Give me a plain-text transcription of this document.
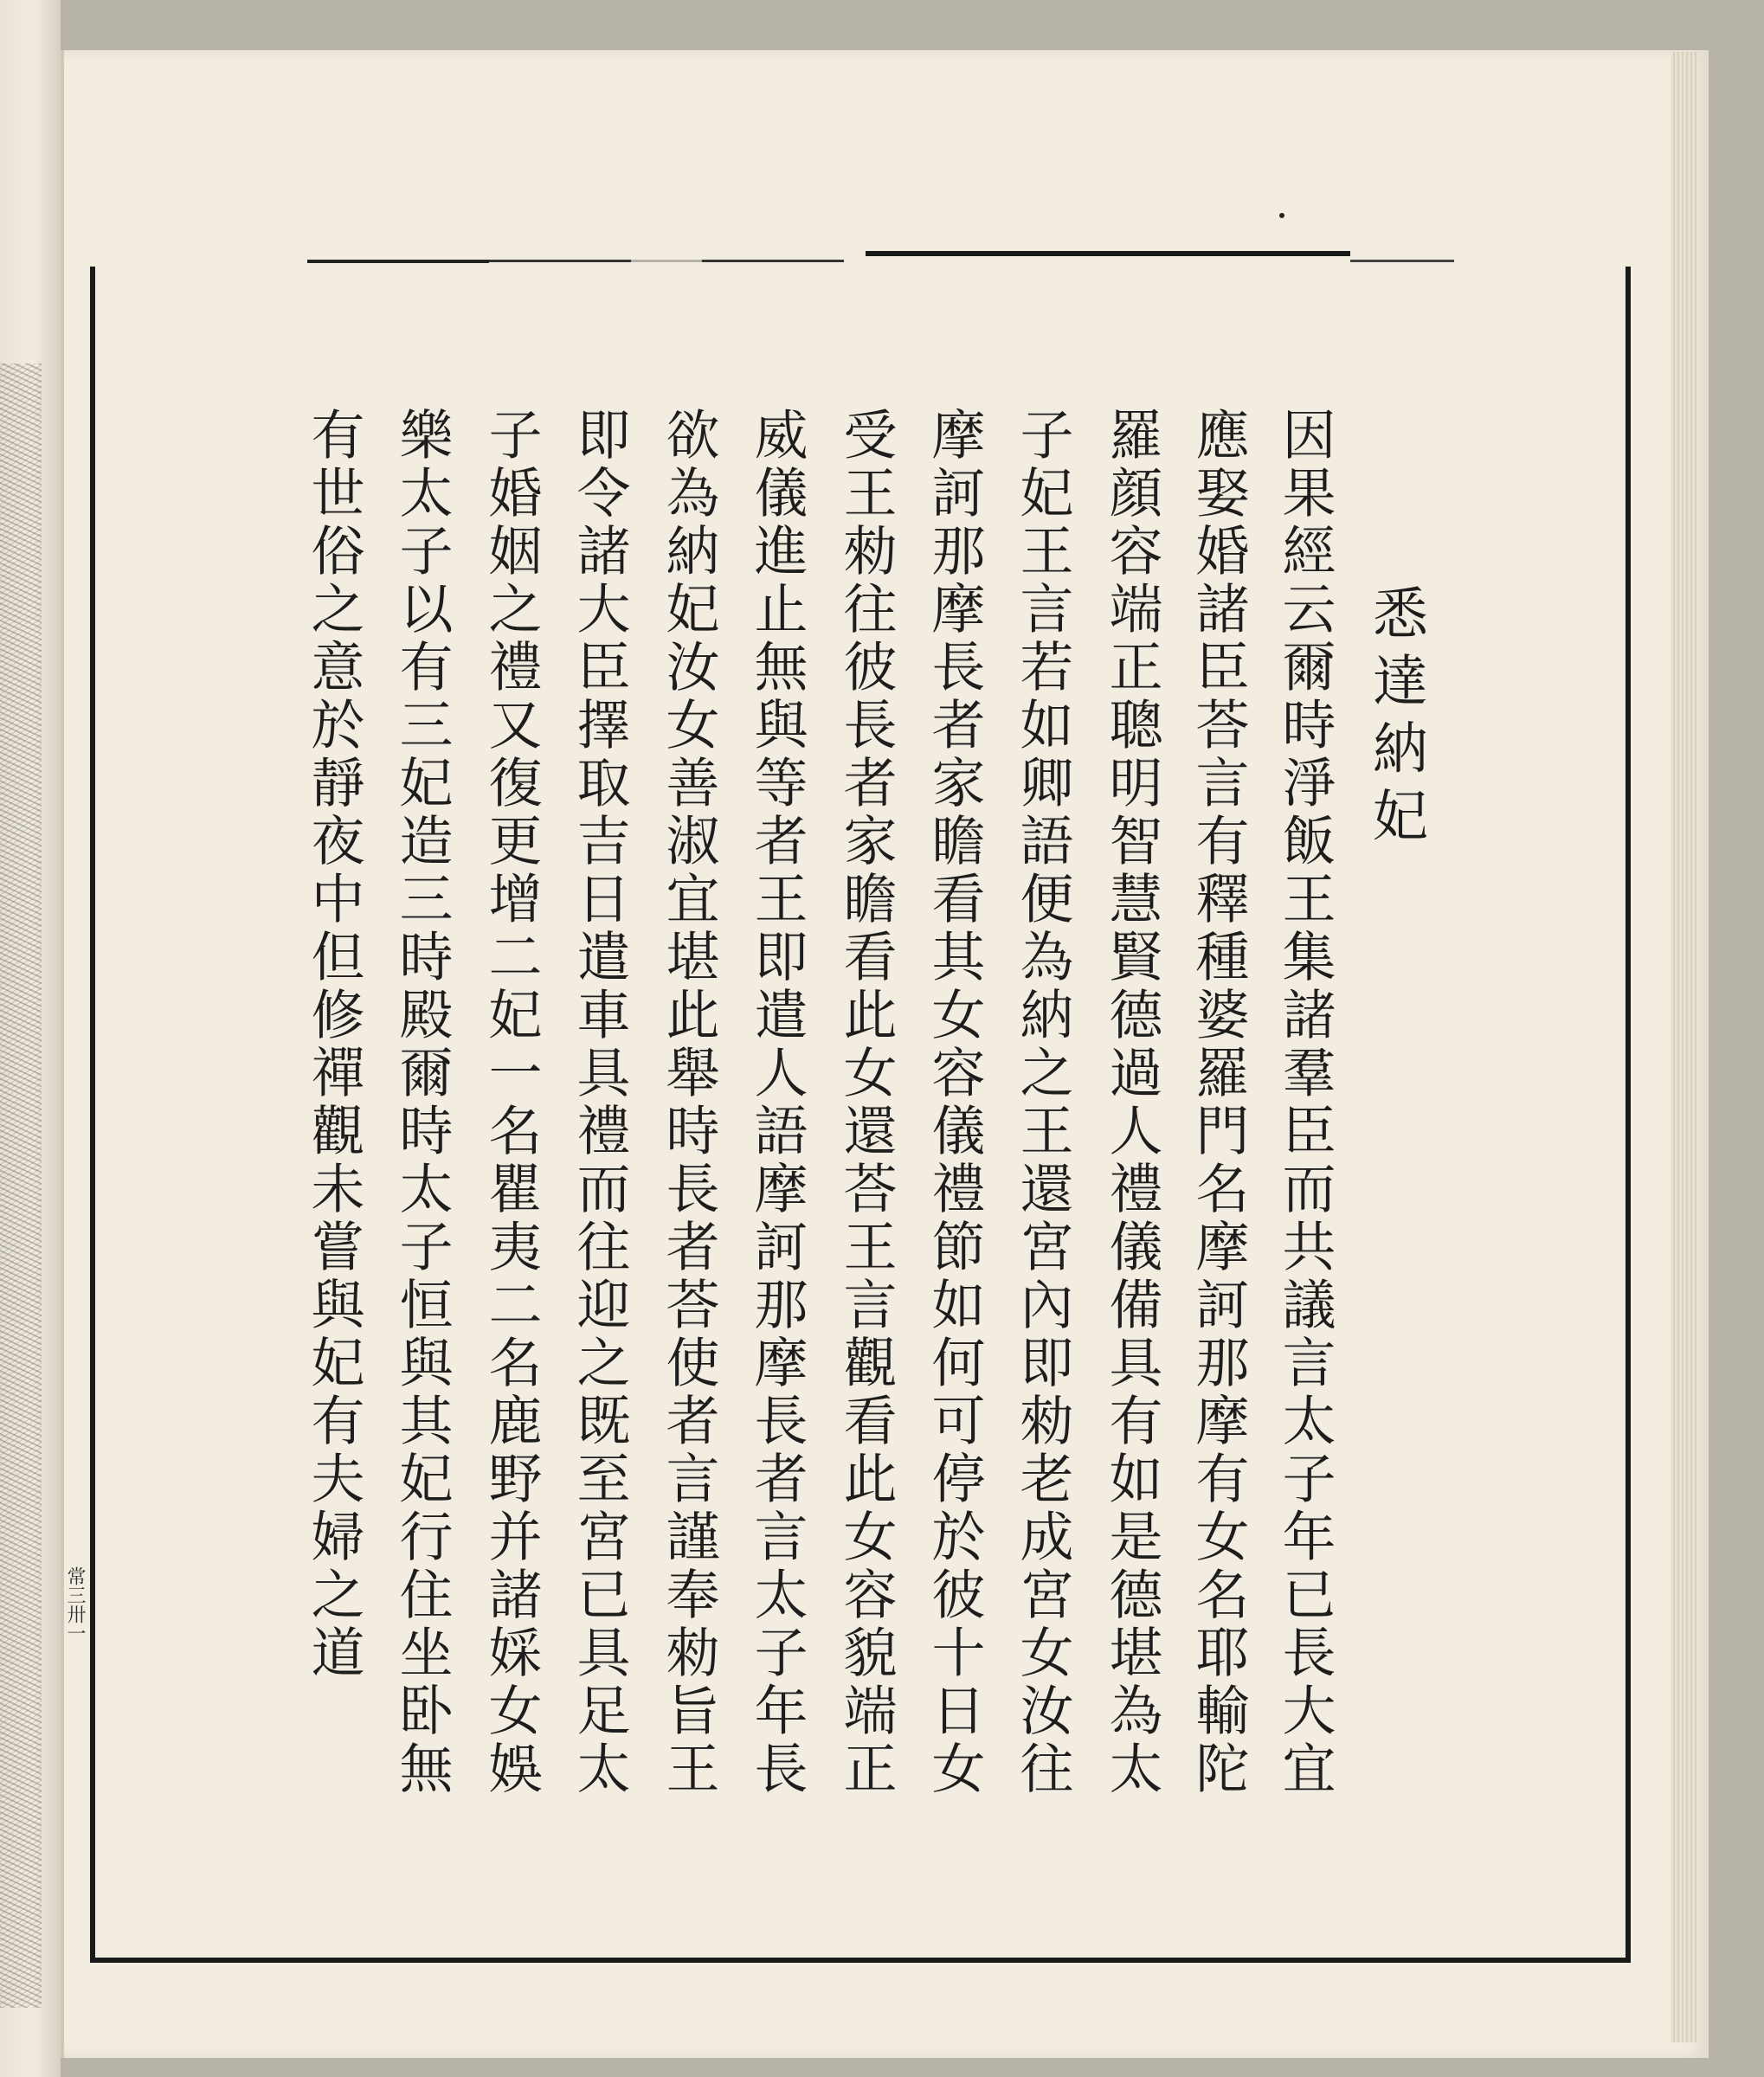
常三卅一
悉達納妃
因果經云爾時淨飯王集諸羣臣而共議言太子年已長大宜
應娶婚諸臣荅言有釋種婆羅門名摩訶那摩有女名耶輸陀
羅顔容端正聰明智慧賢德過人禮儀備具有如是德堪為太
子妃王言若如卿語便為納之王還宮內即勑老成宮女汝往
摩訶那摩長者家瞻看其女容儀禮節如何可停於彼十日女
受王勑往彼長者家瞻看此女還荅王言觀看此女容貌端正
威儀進止無與等者王即遣人語摩訶那摩長者言太子年長
欲為納妃汝女善淑宜堪此舉時長者荅使者言謹奉勑旨王
即令諸大臣擇取吉日遣車具禮而往迎之既至宮已具足太
子婚姻之禮又復更增二妃一名瞿夷二名鹿野并諸婇女娛
樂太子以有三妃造三時殿爾時太子恒與其妃行住坐卧無
有世俗之意於靜夜中但修禪觀未嘗與妃有夫婦之道
